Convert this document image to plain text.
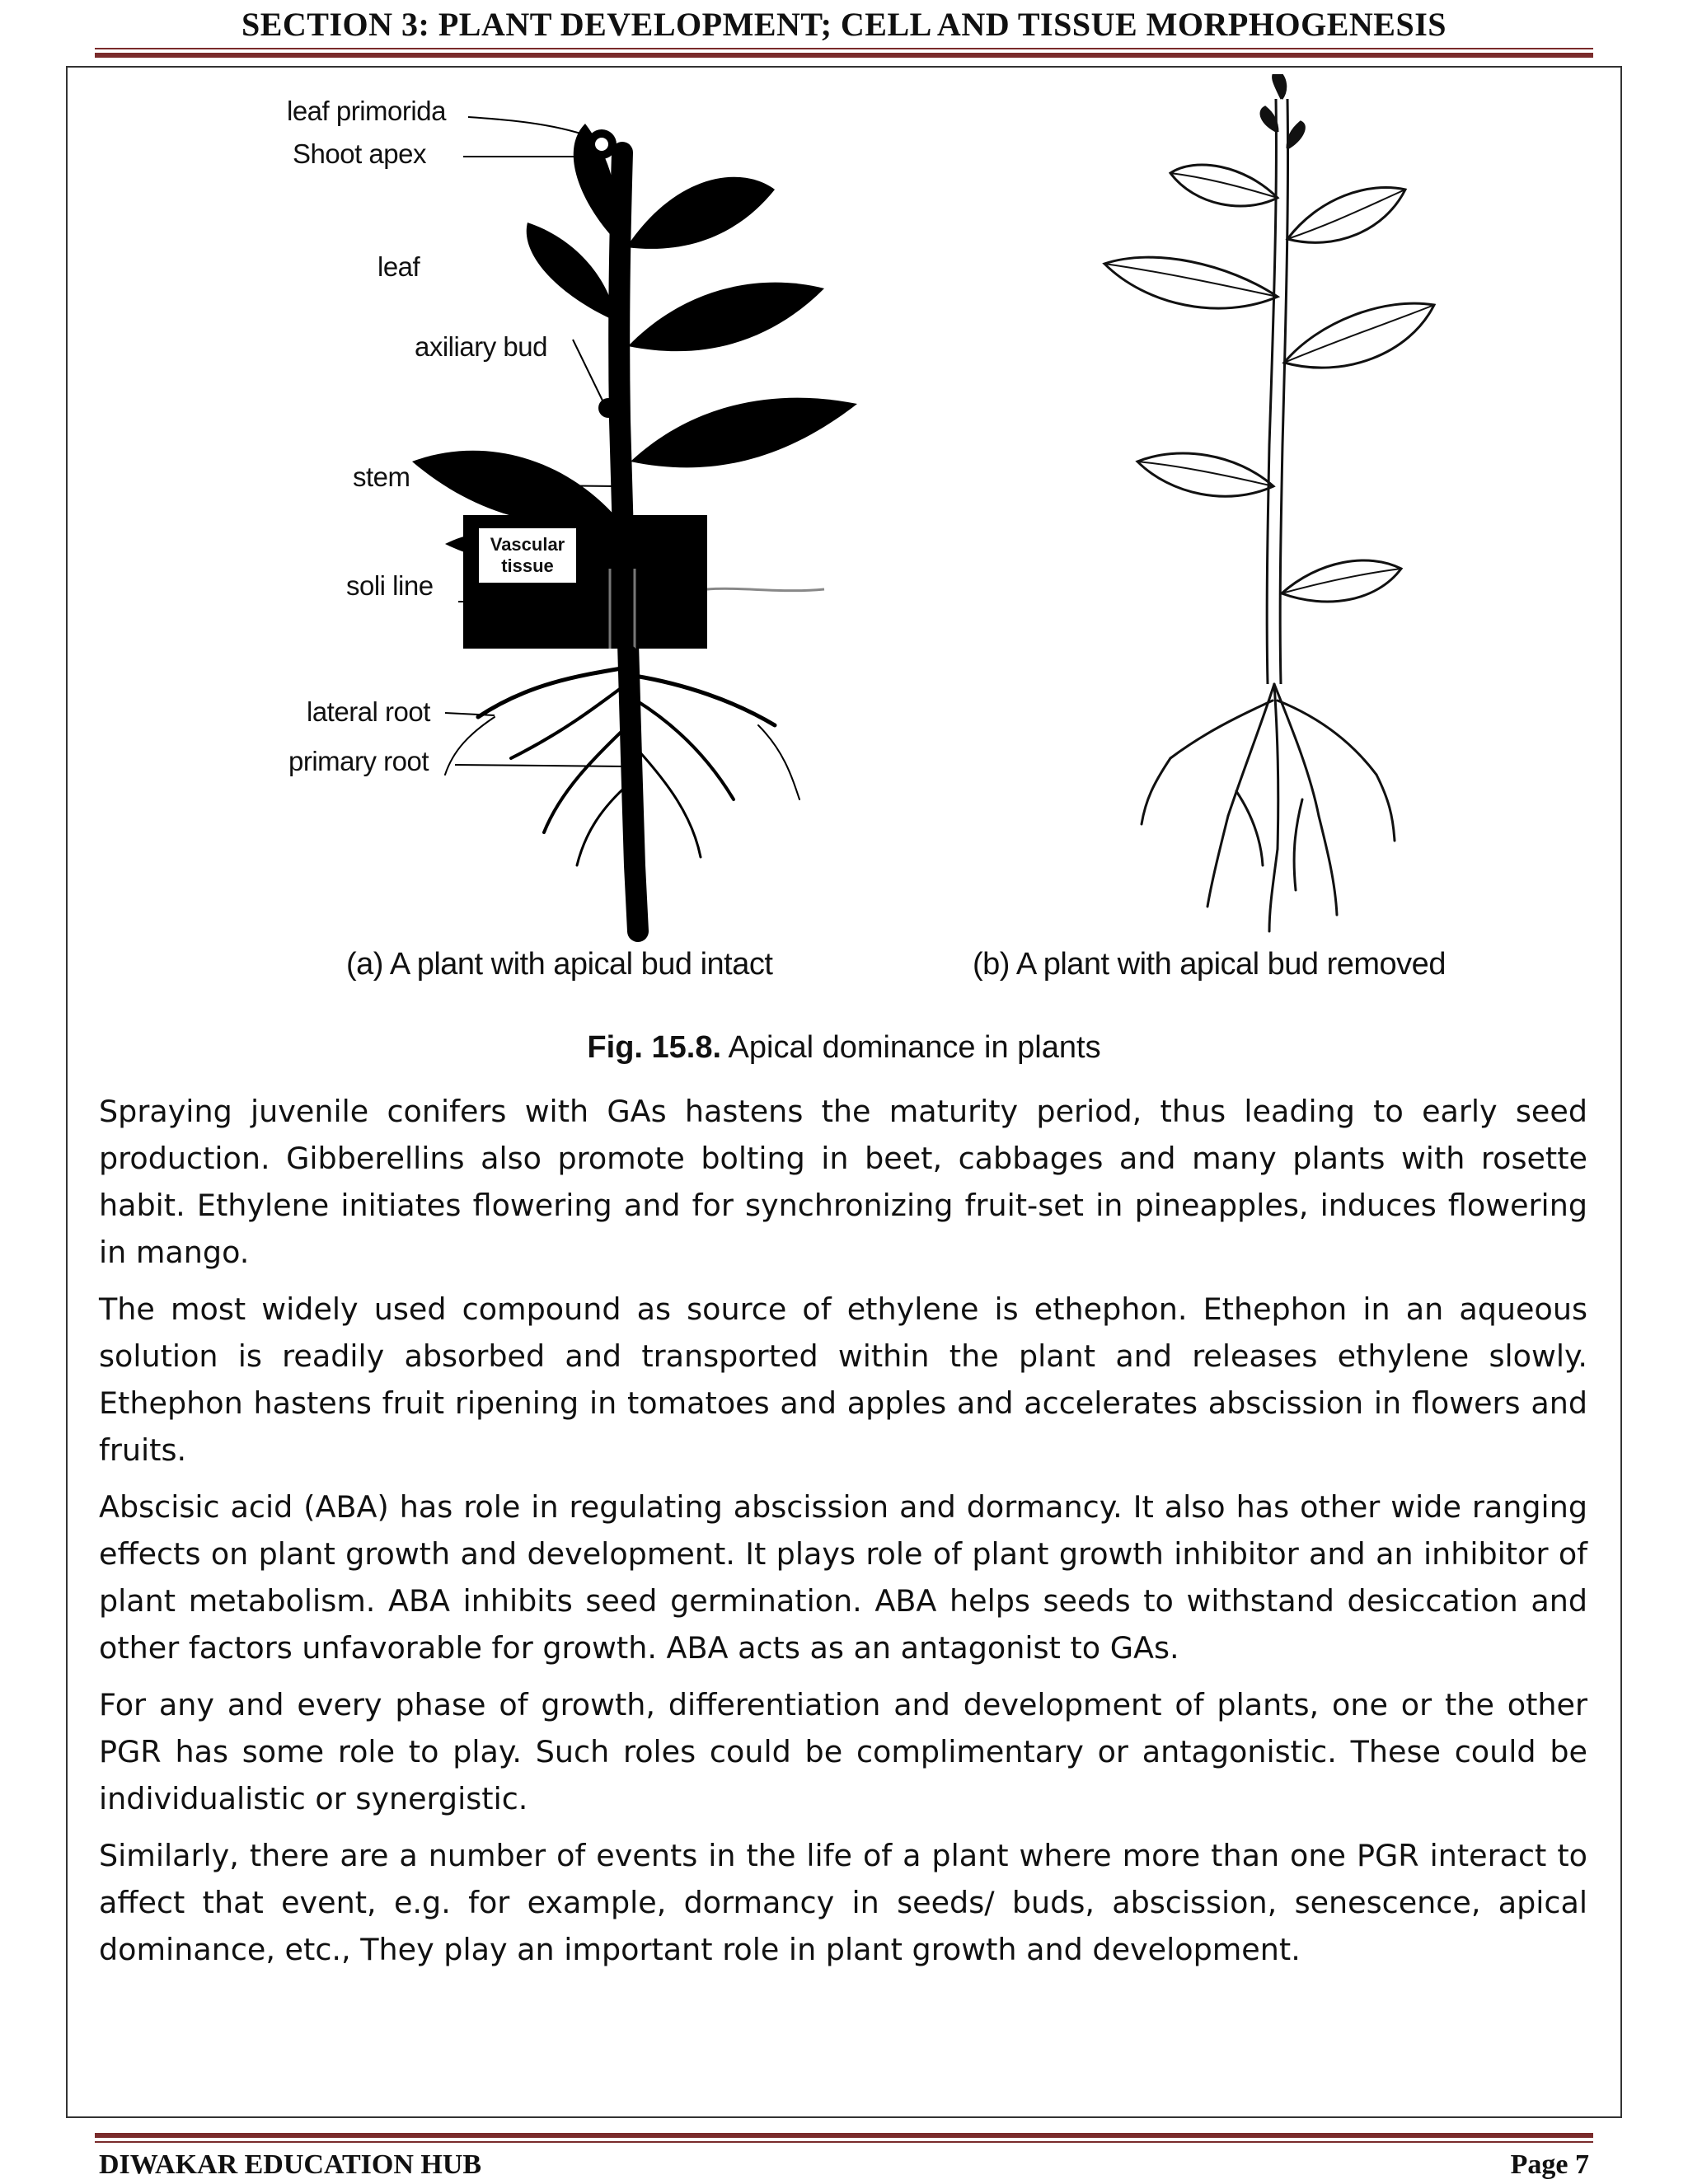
SECTION 3: PLANT DEVELOPMENT; CELL AND TISSUE MORPHOGENESIS
Vascular
tissue
leaf primorida
Shoot apex
leaf
axiliary bud
stem
soli line
lateral root
primary root
(a) A plant with apical bud intact	(b) A plant with apical bud removed
Fig. 15.8. Apical dominance in plants

Spraying juvenile conifers with GAs hastens the maturity period, thus leading to early seed production. Gibberellins also promote bolting in beet, cabbages and many plants with rosette habit. Ethylene initiates flowering and for synchronizing fruit-set in pineapples, induces flowering in mango.

The most widely used compound as source of ethylene is ethephon. Ethephon in an aqueous solution is readily absorbed and transported within the plant and releases ethylene slowly. Ethephon hastens fruit ripening in tomatoes and apples and accelerates abscission in flowers and fruits.

Abscisic acid (ABA) has role in regulating abscission and dormancy. It also has other wide ranging effects on plant growth and development. It plays role of plant growth inhibitor and an inhibitor of plant metabolism. ABA inhibits seed germination. ABA helps seeds to withstand desiccation and other factors unfavorable for growth. ABA acts as an antagonist to GAs.

For any and every phase of growth, differentiation and development of plants, one or the other PGR has some role to play. Such roles could be complimentary or antagonistic. These could be individualistic or synergistic.

Similarly, there are a number of events in the life of a plant where more than one PGR interact to affect that event, e.g. for example, dormancy in seeds/ buds, abscission, senescence, apical dominance, etc., They play an important role in plant growth and development.

DIWAKAR EDUCATION HUB	Page 7
